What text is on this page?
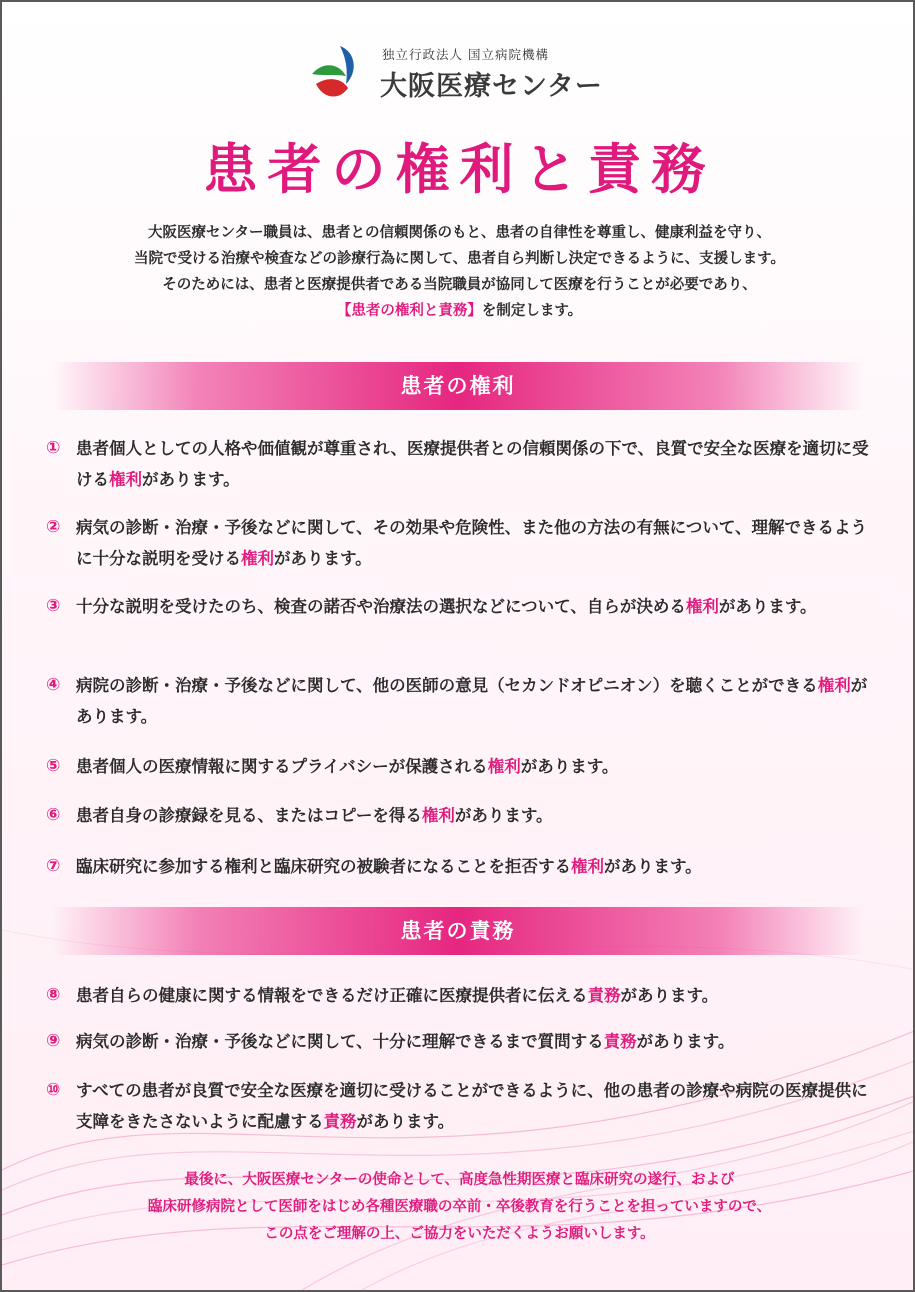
独立行政法人 国立病院機構
大阪医療センター
患者の権利と責務
大阪医療センター職員は、患者との信頼関係のもと、患者の自律性を尊重し、健康利益を守り、
当院で受ける治療や検査などの診療行為に関して、患者自ら判断し決定できるように、支援します。
そのためには、患者と医療提供者である当院職員が協同して医療を行うことが必要であり、
【患者の権利と責務】を制定します。
患者の権利
① 患者個人としての人格や価値観が尊重され、医療提供者との信頼関係の下で、良質で安全な医療を適切に受ける権利があります。
② 病気の診断・治療・予後などに関して、その効果や危険性、また他の方法の有無について、理解できるように十分な説明を受ける権利があります。
③ 十分な説明を受けたのち、検査の諾否や治療法の選択などについて、自らが決める権利があります。
④ 病院の診断・治療・予後などに関して、他の医師の意見（セカンドオピニオン）を聴くことができる権利があります。
⑤ 患者個人の医療情報に関するプライバシーが保護される権利があります。
⑥ 患者自身の診療録を見る、またはコピーを得る権利があります。
⑦ 臨床研究に参加する権利と臨床研究の被験者になることを拒否する権利があります。
患者の責務
⑧ 患者自らの健康に関する情報をできるだけ正確に医療提供者に伝える責務があります。
⑨ 病気の診断・治療・予後などに関して、十分に理解できるまで質問する責務があります。
⑩ すべての患者が良質で安全な医療を適切に受けることができるように、他の患者の診療や病院の医療提供に支障をきたさないように配慮する責務があります。
最後に、大阪医療センターの使命として、高度急性期医療と臨床研究の遂行、および
臨床研修病院として医師をはじめ各種医療職の卒前・卒後教育を行うことを担っていますので、
この点をご理解の上、ご協力をいただくようお願いします。
